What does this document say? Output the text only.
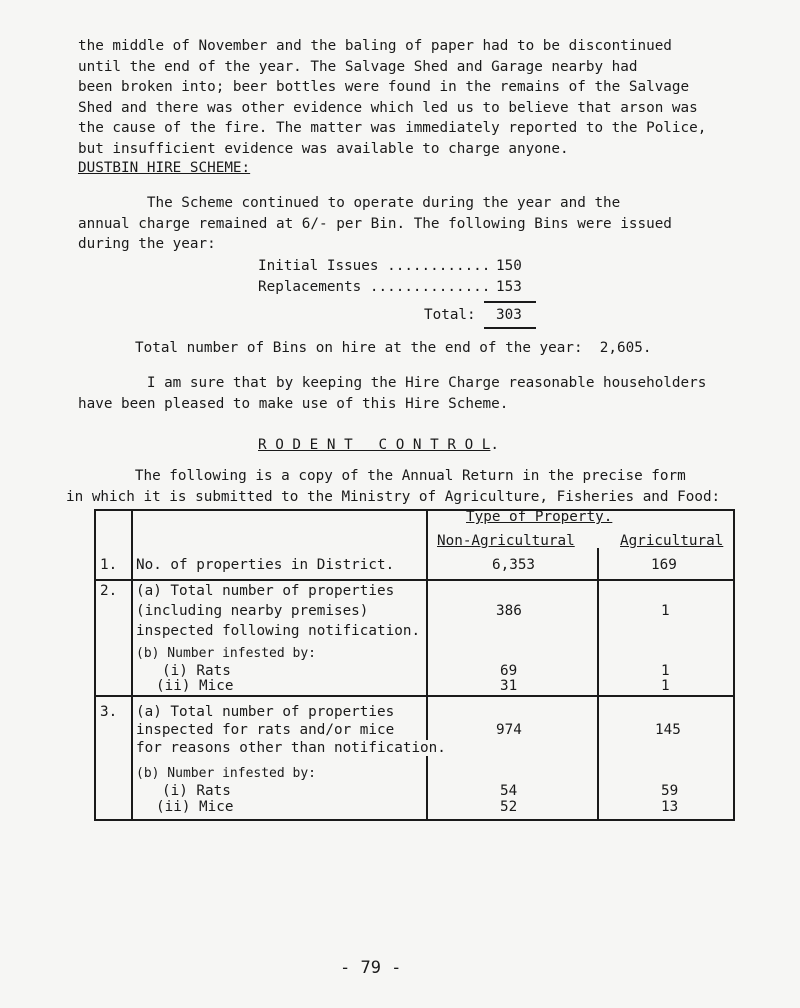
the middle of November and the baling of paper had to be discontinued
until the end of the year. The Salvage Shed and Garage nearby had
been broken into; beer bottles were found in the remains of the Salvage
Shed and there was other evidence which led us to believe that arson was
the cause of the fire. The matter was immediately reported to the Police,
but insufficient evidence was available to charge anyone.
DUSTBIN HIRE SCHEME:
The Scheme continued to operate during the year and the
annual charge remained at 6/- per Bin. The following Bins were issued
during the year:
Initial Issues ............ 150
Replacements .............. 153
Total: 303
Total number of Bins on hire at the end of the year:  2,605.
I am sure that by keeping the Hire Charge reasonable householders
have been pleased to make use of this Hire Scheme.
R O D E N T   C O N T R O L.
The following is a copy of the Annual Return in the precise form
in which it is submitted to the Ministry of Agriculture, Fisheries and Food:
Type of Property.
Non-Agricultural	Agricultural
1. No. of properties in District.	6,353	169
2. (a) Total number of properties
(including nearby premises)
inspected following notification.
386	1
(b) Number infested by:
(i) Rats	69	1
(ii) Mice	31	1
3. (a) Total number of properties
inspected for rats and/or mice
for reasons other than notification.
974	145
- 79 -
(b) Number infested by:
(i) Rats	54	59
(ii) Mice	52	13
